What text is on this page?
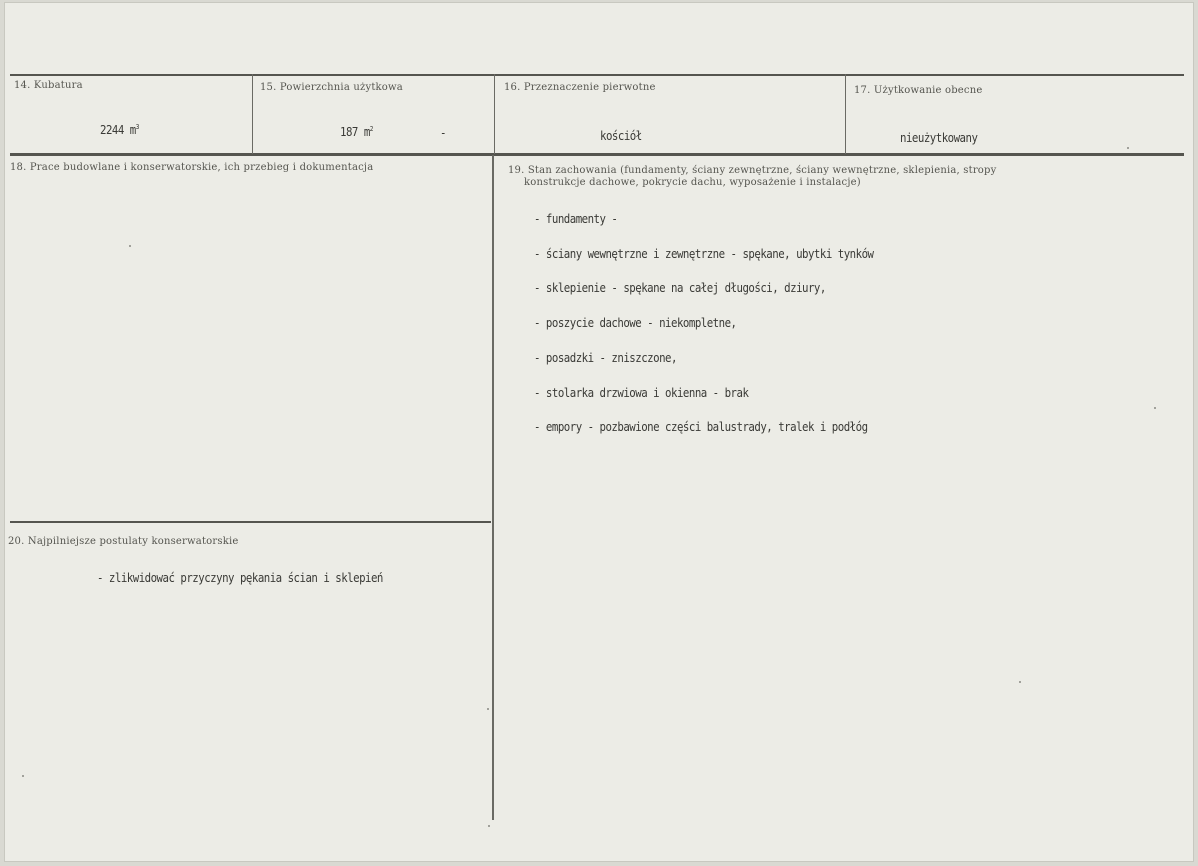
14. Kubatura
2244 $m^3$
15. Powierzchnia użytkowa
187 $m^2$	-
16. Przeznaczenie pierwotne
kościół
17. Użytkowanie obecne
nieużytkowany
18. Prace budowlane i konserwatorskie, ich przebieg i dokumentacja	19. Stan zachowania (fundamenty, ściany zewnętrzne, ściany wewnętrzne, sklepienia, stropy
konstrukcje dachowe, pokrycie dachu, wyposażenie i instalacje)
- fundamenty -
- ściany wewnętrzne i zewnętrzne - spękane, ubytki tynków
- sklepienie - spękane na całej długości, dziury,
- poszycie dachowe - niekompletne,
- posadzki - zniszczone,
- stolarka drzwiowa i okienna - brak
- empory - pozbawione części balustrady, tralek i podłóg
20. Najpilniejsze postulaty konserwatorskie
- zlikwidować przyczyny pękania ścian i sklepień
